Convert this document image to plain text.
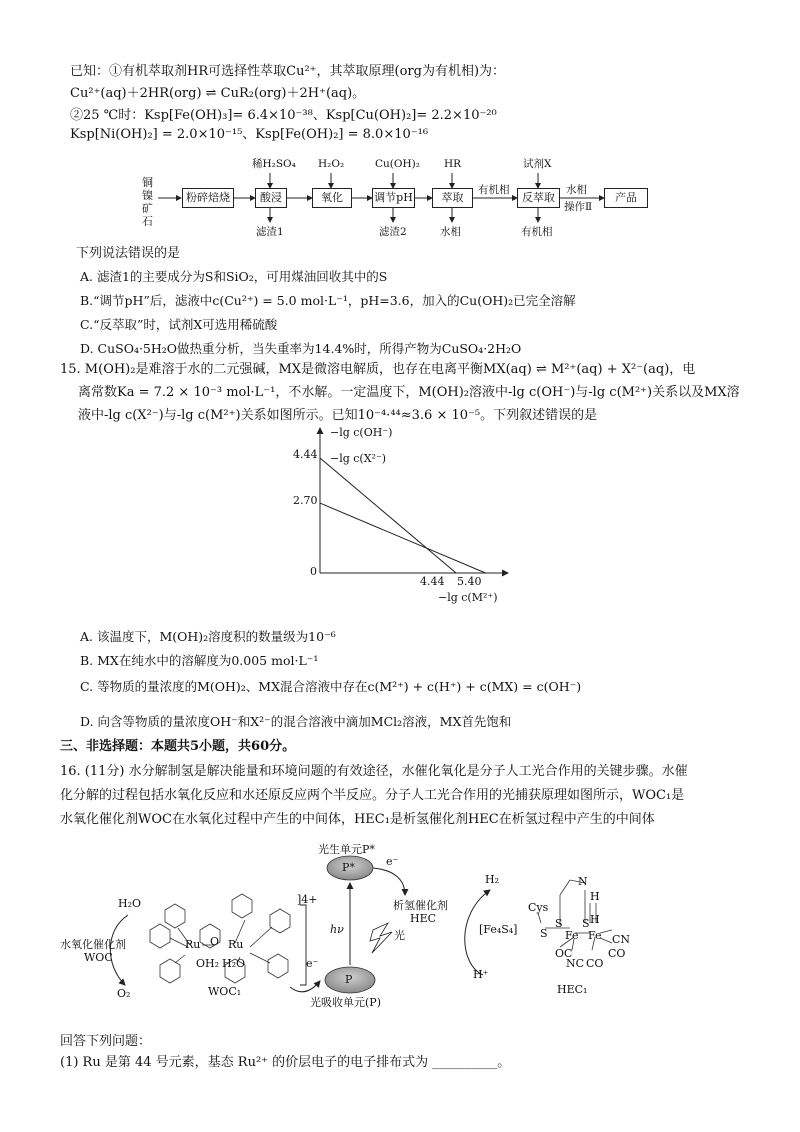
已知：①有机萃取剂HR可选择性萃取Cu²⁺，其萃取原理(org为有机相)为：
Cu²⁺(aq)＋2HR(org) ⇌ CuR₂(org)＋2H⁺(aq)。
②25 ℃时：Ksp[Fe(OH)₃]= 6.4×10⁻³⁸、Ksp[Cu(OH)₂]= 2.2×10⁻²⁰
Ksp[Ni(OH)₂] = 2.0×10⁻¹⁵、Ksp[Fe(OH)₂] = 8.0×10⁻¹⁶
铜镍矿石
粉碎焙烧	酸浸	氧化	调节pH	萃取	反萃取	产品
稀H₂SO₄ H₂O₂	Cu(OH)₂ HR	试剂X
滤渣1	滤渣2	水相	有机相
有机相	水相
操作Ⅱ
下列说法错误的是
A. 滤渣1的主要成分为S和SiO₂，可用煤油回收其中的S
B.“调节pH”后，滤液中c(Cu²⁺) = 5.0 mol·L⁻¹，pH=3.6，加入的Cu(OH)₂已完全溶解
C.“反萃取”时，试剂X可选用稀硫酸
D. CuSO₄·5H₂O做热重分析，当失重率为14.4%时，所得产物为CuSO₄·2H₂O
15. M(OH)₂是难溶于水的二元强碱，MX是微溶电解质，也存在电离平衡MX(aq) ⇌ M²⁺(aq) + X²⁻(aq)，电
离常数Ka = 7.2 × 10⁻³ mol·L⁻¹，不水解。一定温度下，M(OH)₂溶液中-lg c(OH⁻)与-lg c(M²⁺)关系以及MX溶
液中-lg c(X²⁻)与-lg c(M²⁺)关系如图所示。已知10⁻⁴·⁴⁴≈3.6 × 10⁻⁵。下列叙述错误的是
4.44
2.70
0
4.44 5.40
−lg c(OH⁻)
−lg c(X²⁻)
−lg c(M²⁺)
A. 该温度下，M(OH)₂溶度积的数量级为10⁻⁶
B. MX在纯水中的溶解度为0.005 mol·L⁻¹
C. 等物质的量浓度的M(OH)₂、MX混合溶液中存在c(M²⁺) + c(H⁺) + c(MX) = c(OH⁻)
D. 向含等物质的量浓度OH⁻和X²⁻的混合溶液中滴加MCl₂溶液，MX首先饱和
三、非选择题：本题共5小题，共60分。
16. (11分) 水分解制氢是解决能量和环境问题的有效途径，水催化氧化是分子人工光合作用的关键步骤。水催
化分解的过程包括水氧化反应和水还原反应两个半反应。分子人工光合作用的光捕获原理如图所示，WOC₁是
水氧化催化剂WOC在水氧化过程中产生的中间体，HEC₁是析氢催化剂HEC在析氢过程中产生的中间体
H₂O
水氧化催化剂
WOC
O₂	WOC₁
]4+
光生单元P*
P*
P
光吸收单元(P)
e⁻
e⁻
hν	光
析氢催化剂
HEC
H₂
H⁺
HEC₁
[Fe₄S₄]
Cys
S
S S
Fe Fe
N
H
H
CN
CO
OC
NC CO
Ru	Ru
O
OH₂ H₂O
回答下列问题：
(1) Ru 是第 44 号元素，基态 Ru²⁺ 的价层电子的电子排布式为 __________。
